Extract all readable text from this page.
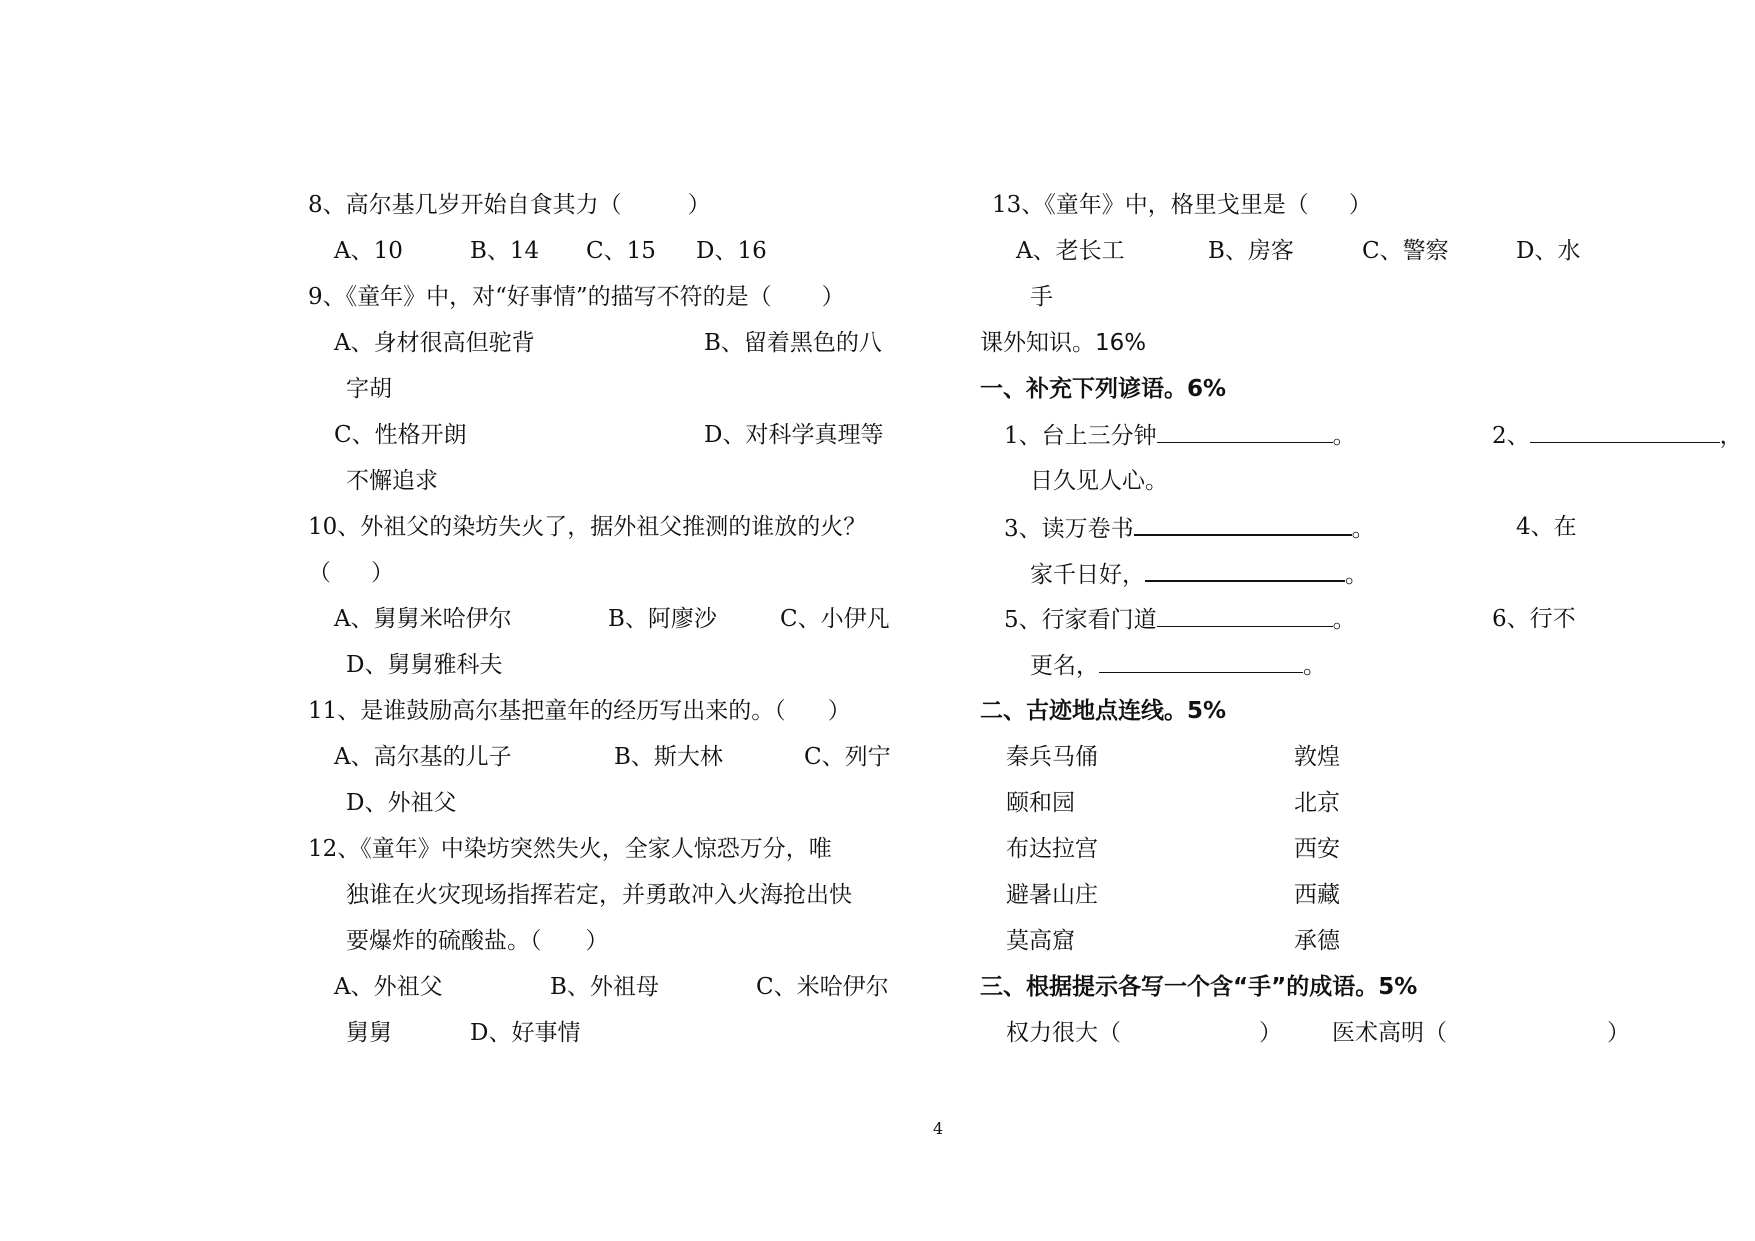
8、高尔基几岁开始自食其力（	）
A、10	B、14 C、15 D、16
9、《童年》中，对“好事情”的描写不符的是（ ）
A、身材很高但驼背	B、留着黑色的八
字胡
C、性格开朗	D、对科学真理等
不懈追求
10、外祖父的染坊失火了，据外祖父推测的谁放的火？
（ ）
A、舅舅米哈伊尔	B、阿廖沙	C、小伊凡
D、舅舅雅科夫
11、是谁鼓励高尔基把童年的经历写出来的。（ ）
A、高尔基的儿子	B、斯大林	C、列宁
D、外祖父
12、《童年》中染坊突然失火，全家人惊恐万分，唯
独谁在火灾现场指挥若定，并勇敢冲入火海抢出快
要爆炸的硫酸盐。（ ）
A、外祖父	B、外祖母	C、米哈伊尔
舅舅	D、好事情
13、《童年》中，格里戈里是（ ）
A、老长工	B、房客	C、警察	D、水
手
课外知识。16%
一、补充下列谚语。6%
1、台上三分钟	。	2、	，
日久见人心。
3、读万卷书	。	4、在
家千日好，	。
5、行家看门道	。	6、行不
更名，	。
二、古迹地点连线。5%
秦兵马俑	敦煌
颐和园	北京
布达拉宫	西安
避暑山庄	西藏
莫高窟	承德
三、根据提示各写一个含“手”的成语。5%
权力很大（	） 医术高明（	）
4
